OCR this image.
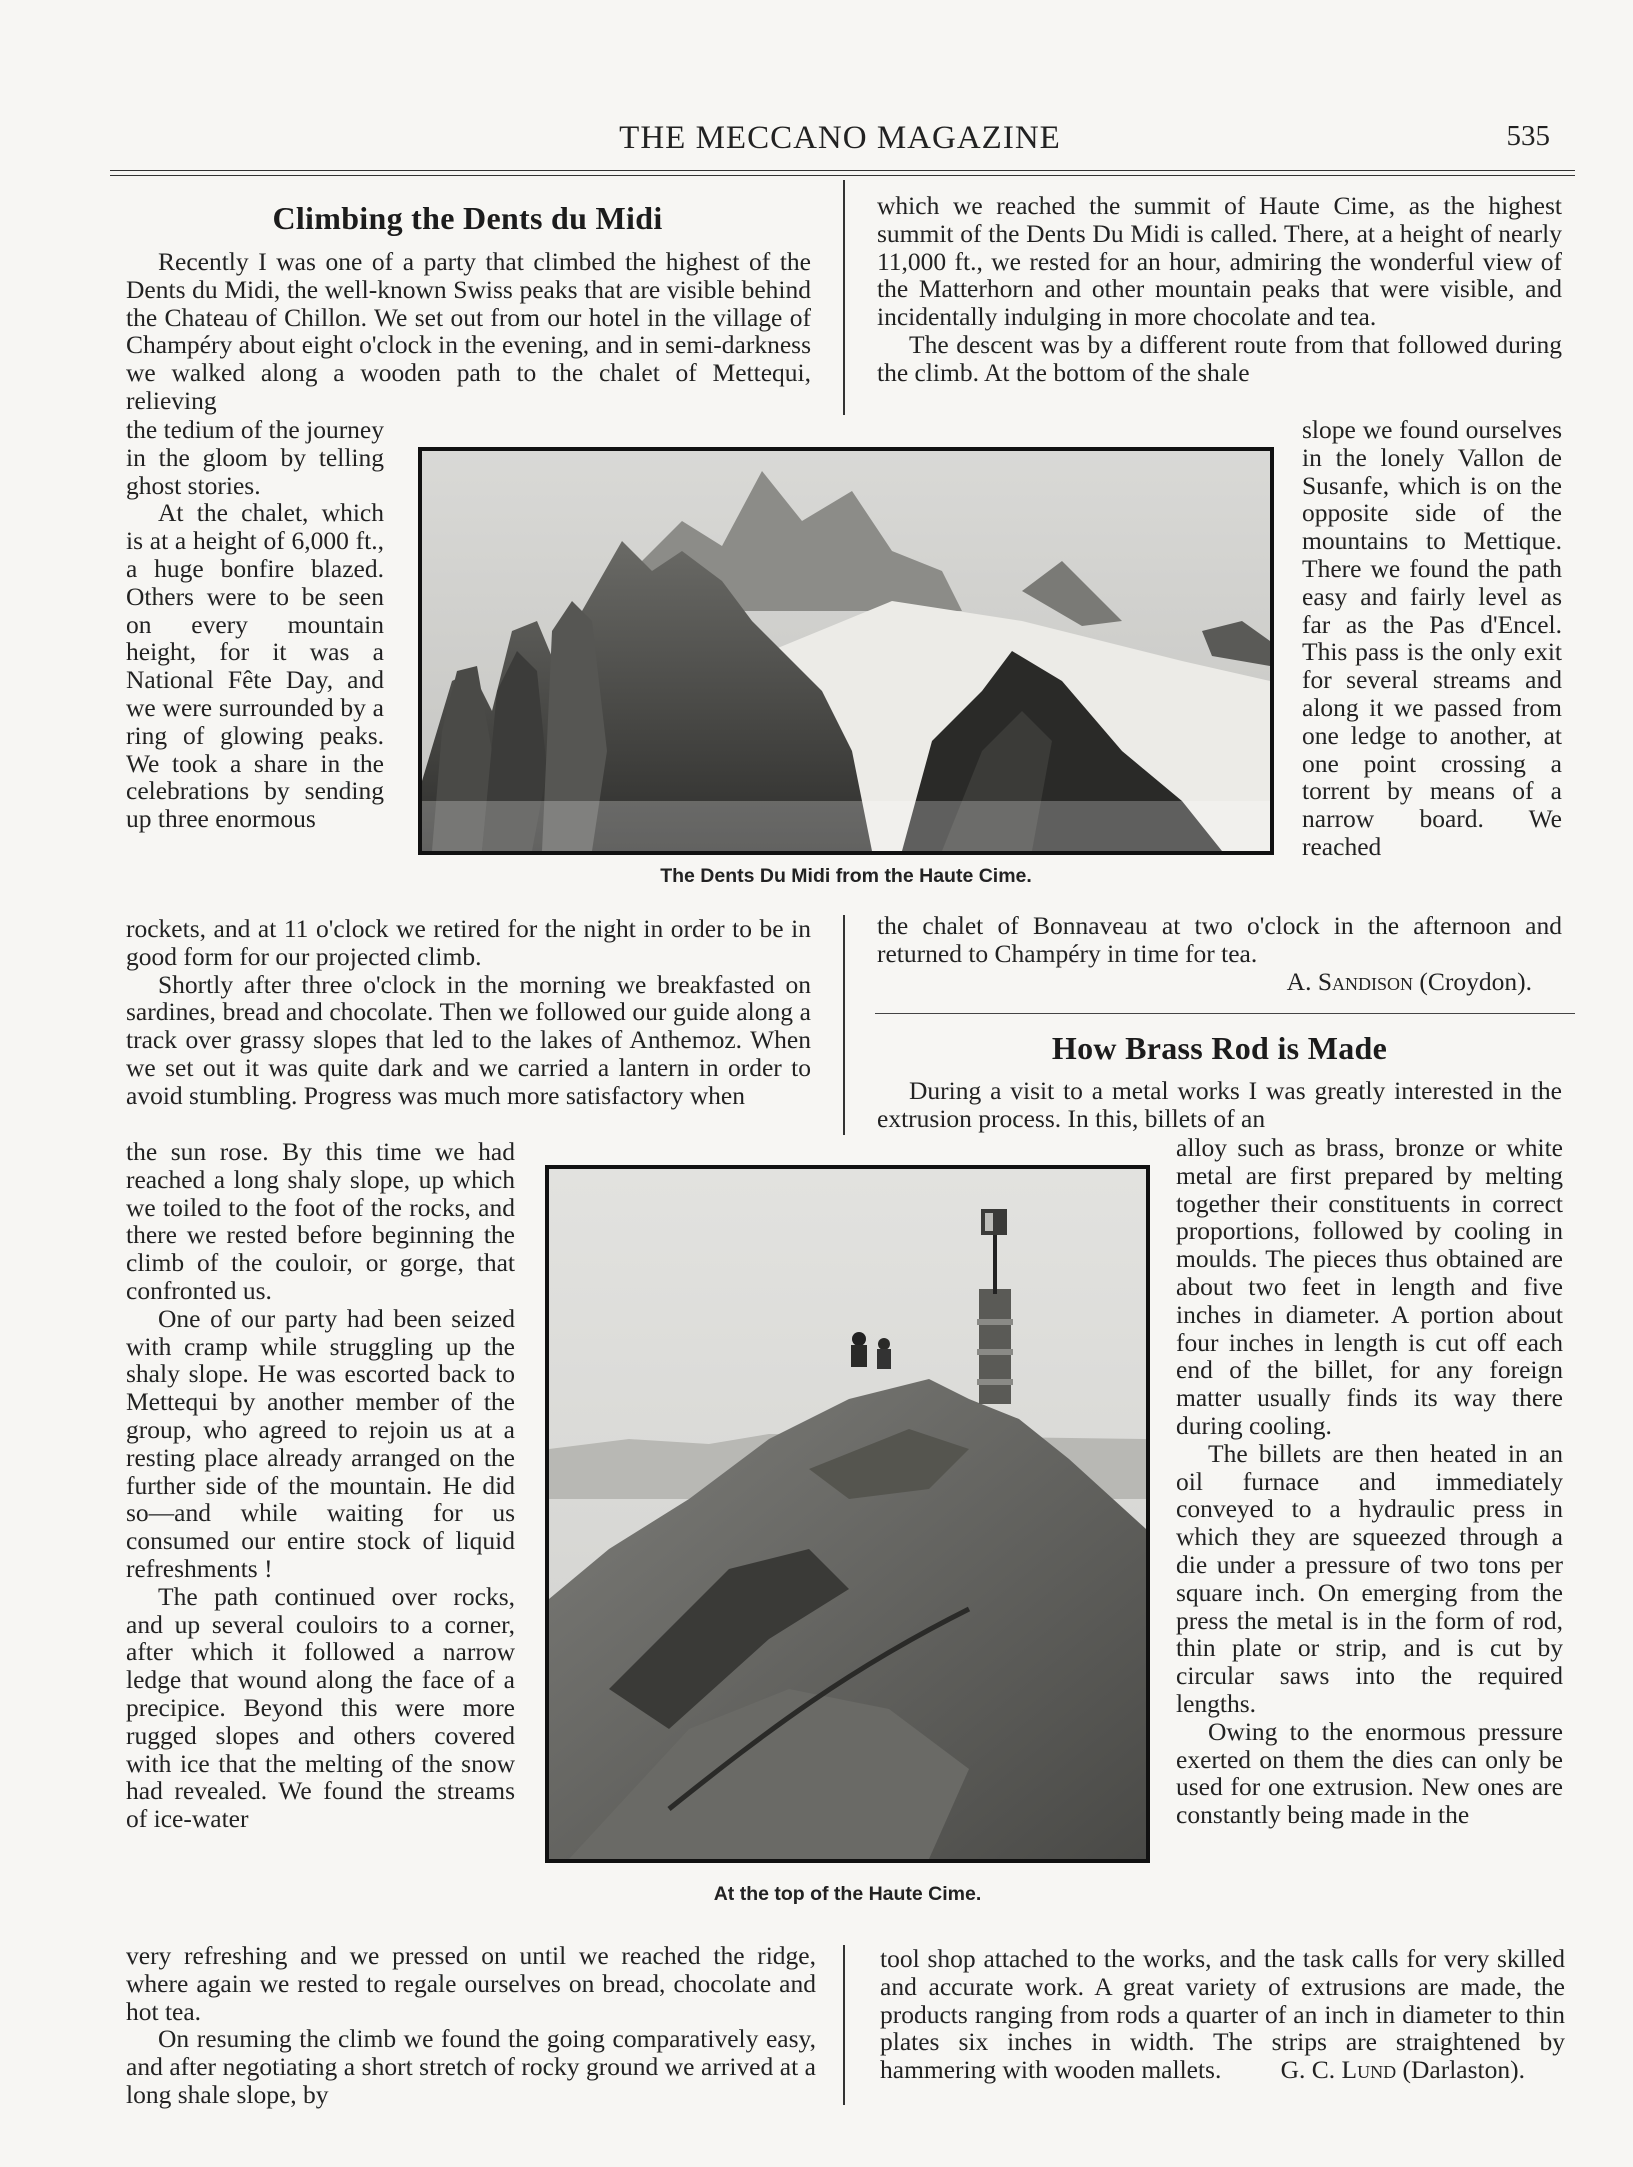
THE MECCANO MAGAZINE	535
Climbing the Dents du Midi

Recently I was one of a party that climbed the highest of the Dents du Midi, the well-known Swiss peaks that are visible behind the Chateau of Chillon. We set out from our hotel in the village of Champéry about eight o'clock in the evening, and in semi-darkness we walked along a wooden path to the chalet of Mettequi, relieving

the tedium of the journey in the gloom by telling ghost stories.

At the chalet, which is at a height of 6,000 ft., a huge bonfire blazed. Others were to be seen on every mountain height, for it was a National Fête Day, and we were surrounded by a ring of glowing peaks. We took a share in the celebrations by sending up three enormous

rockets, and at 11 o'clock we retired for the night in order to be in good form for our projected climb.

Shortly after three o'clock in the morning we breakfasted on sardines, bread and chocolate. Then we followed our guide along a track over grassy slopes that led to the lakes of Anthemoz. When we set out it was quite dark and we carried a lantern in order to avoid stumbling. Progress was much more satisfactory when

the sun rose. By this time we had reached a long shaly slope, up which we toiled to the foot of the rocks, and there we rested before beginning the climb of the couloir, or gorge, that confronted us.

One of our party had been seized with cramp while struggling up the shaly slope. He was escorted back to Mettequi by another member of the group, who agreed to rejoin us at a resting place already arranged on the further side of the mountain. He did so—and while waiting for us consumed our entire stock of liquid refreshments !

The path continued over rocks, and up several couloirs to a corner, after which it followed a narrow ledge that wound along the face of a precipice. Beyond this were more rugged slopes and others covered with ice that the melting of the snow had revealed. We found the streams of ice-water

very refreshing and we pressed on until we reached the ridge, where again we rested to regale ourselves on bread, chocolate and hot tea.

On resuming the climb we found the going comparatively easy, and after negotiating a short stretch of rocky ground we arrived at a long shale slope, by

which we reached the summit of Haute Cime, as the highest summit of the Dents Du Midi is called. There, at a height of nearly 11,000 ft., we rested for an hour, admiring the wonderful view of the Matterhorn and other mountain peaks that were visible, and incidentally indulging in more chocolate and tea.

The descent was by a different route from that followed during the climb. At the bottom of the shale

slope we found ourselves in the lonely Vallon de Susanfe, which is on the opposite side of the mountains to Mettique. There we found the path easy and fairly level as far as the Pas d'Encel. This pass is the only exit for several streams and along it we passed from one ledge to another, at one point crossing a torrent by means of a narrow board. We reached

the chalet of Bonnaveau at two o'clock in the afternoon and returned to Champéry in time for tea.

A. Sandison (Croydon).
How Brass Rod is Made

During a visit to a metal works I was greatly interested in the extrusion process. In this, billets of an

alloy such as brass, bronze or white metal are first prepared by melting together their constituents in correct proportions, followed by cooling in moulds. The pieces thus obtained are about two feet in length and five inches in diameter. A portion about four inches in length is cut off each end of the billet, for any foreign matter usually finds its way there during cooling.

The billets are then heated in an oil furnace and immediately conveyed to a hydraulic press in which they are squeezed through a die under a pressure of two tons per square inch. On emerging from the press the metal is in the form of rod, thin plate or strip, and is cut by circular saws into the required lengths.

Owing to the enormous pressure exerted on them the dies can only be used for one extrusion. New ones are constantly being made in the

tool shop attached to the works, and the task calls for very skilled and accurate work. A great variety of extrusions are made, the products ranging from rods a quarter of an inch in diameter to thin plates six inches in width. The strips are straightened by hammering with wooden mallets.	G. C. Lund (Darlaston).
The Dents Du Midi from the Haute Cime.
At the top of the Haute Cime.
